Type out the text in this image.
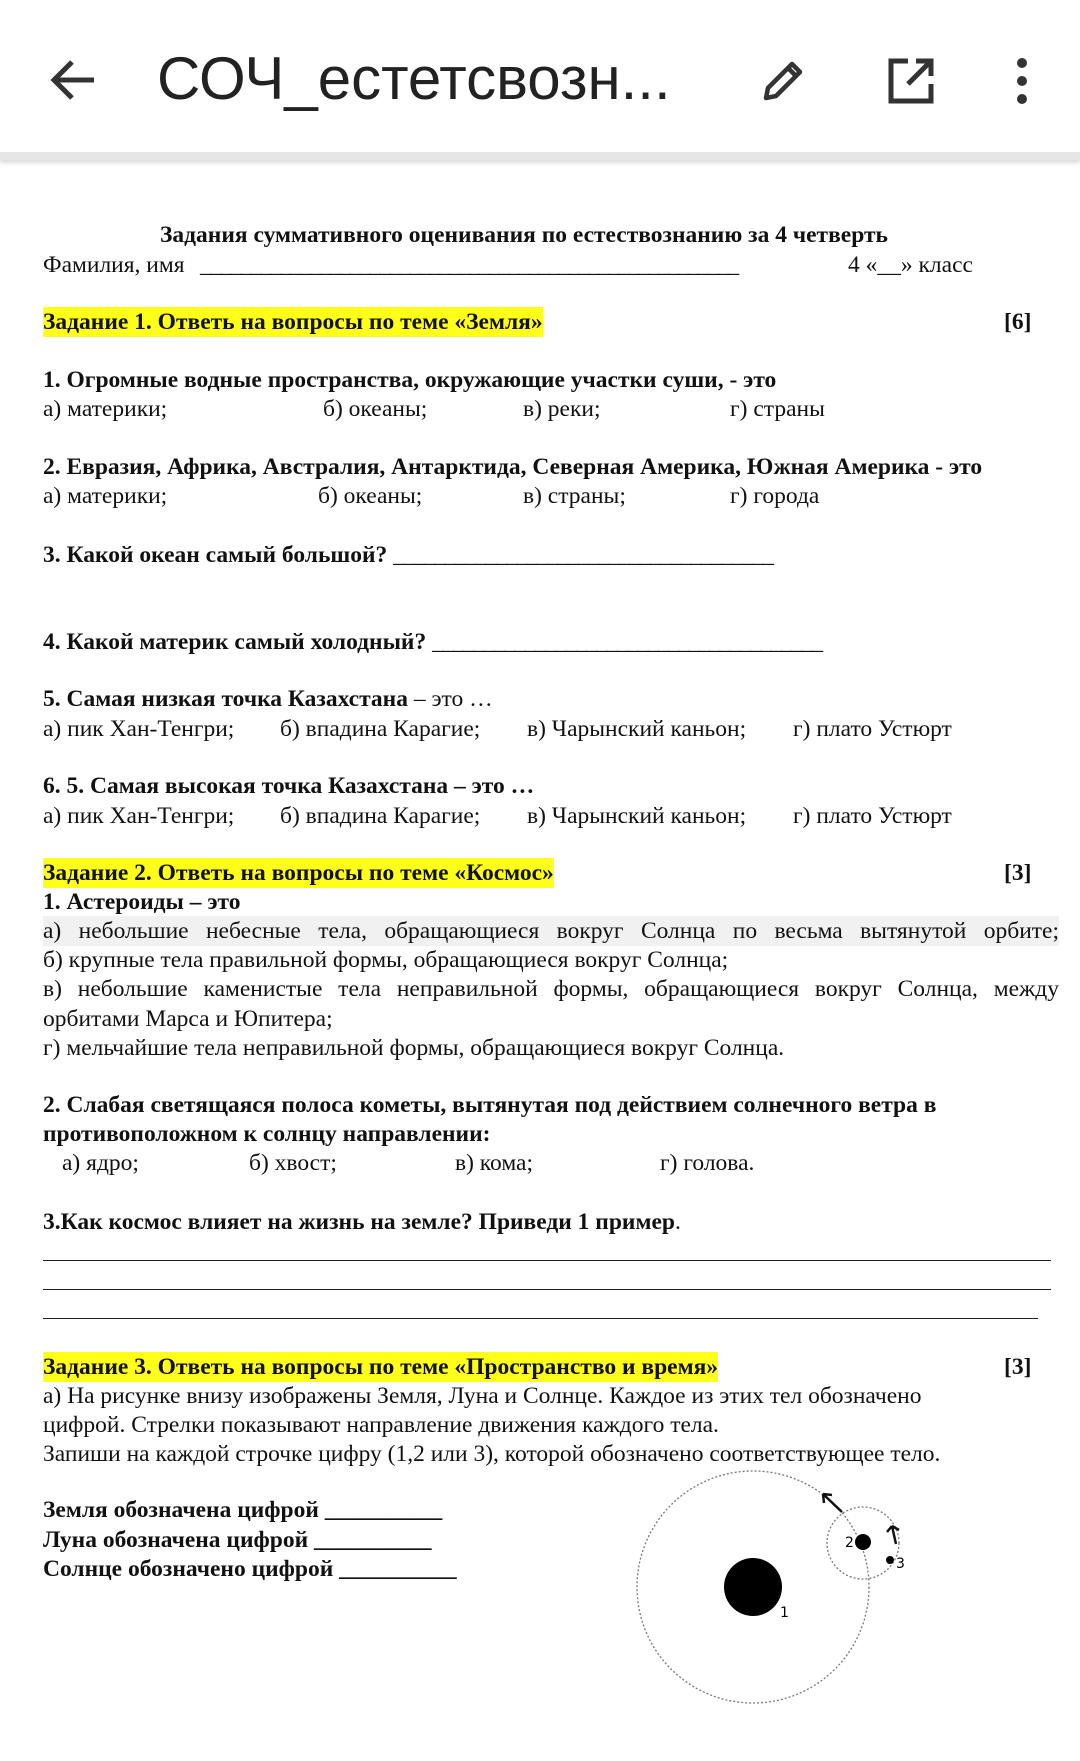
СОЧ_естетсвозн...
Задания суммативного оценивания по естествознанию за 4 четверть
Фамилия, имя ______________________________________________________	4 «__» класс
Задание 1. Ответь на вопросы по теме «Земля»	[6]
1. Огромные водные пространства, окружающие участки суши, - это
а) материки;	б) океаны;	в) реки;	г) страны
2. Евразия, Африка, Австралия, Антарктида, Северная Америка, Южная Америка - это
а) материки;	б) океаны;	в) страны;	г) города
3. Какой океан самый большой? _____________________________________
4. Какой материк самый холодный? ______________________________________
5. Самая низкая точка Казахстана – это …
а) пик Хан-Тенгри; б) впадина Карагие; в) Чарынский каньон; г) плато Устюрт
6. 5. Самая высокая точка Казахстана – это …
а) пик Хан-Тенгри; б) впадина Карагие; в) Чарынский каньон; г) плато Устюрт
Задание 2. Ответь на вопросы по теме «Космос»	[3]
1. Астероиды – это
а) небольшие небесные тела, обращающиеся вокруг Солнца по весьма вытянутой орбите;
б) крупные тела правильной формы, обращающиеся вокруг Солнца;
в) небольшие каменистые тела неправильной формы, обращающиеся вокруг Солнца, между
орбитами Марса и Юпитера;
г) мельчайшие тела неправильной формы, обращающиеся вокруг Солнца.
2. Слабая светящаяся полоса кометы, вытянутая под действием солнечного ветра в
противоположном к солнцу направлении:
а) ядро;	б) хвост;	в) кома;	г) голова.
3.Как космос влияет на жизнь на земле? Приведи 1 пример.
Задание 3. Ответь на вопросы по теме «Пространство и время»	[3]
а) На рисунке внизу изображены Земля, Луна и Солнце. Каждое из этих тел обозначено
цифрой. Стрелки показывают направление движения каждого тела.
Запиши на каждой строчке цифру (1,2 или 3), которой обозначено соответствующее тело.
Земля обозначена цифрой __________
Луна обозначена цифрой __________
Солнце обозначено цифрой __________
1
2
3
